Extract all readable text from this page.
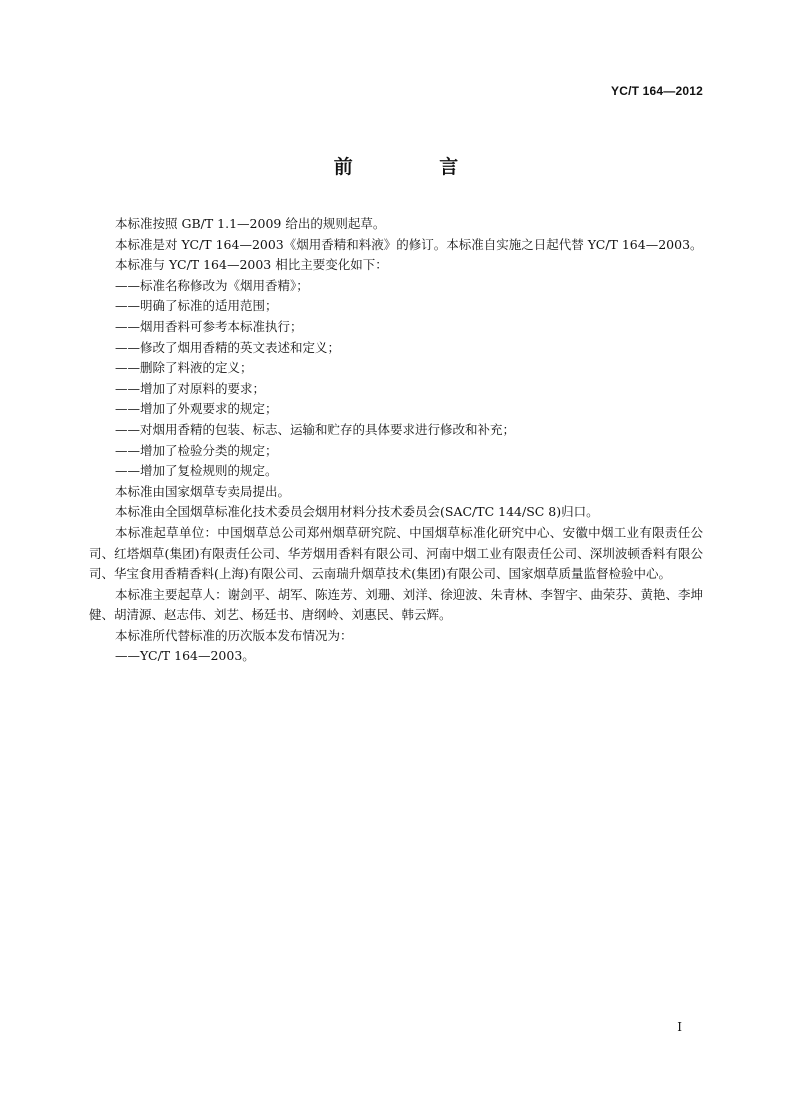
YC/T 164—2012
前 言

本标准按照 GB/T 1.1—2009 给出的规则起草。

本标准是对 YC/T 164—2003《烟用香精和料液》的修订。本标准自实施之日起代替 YC/T 164—2003。

本标准与 YC/T 164—2003 相比主要变化如下：

——标准名称修改为《烟用香精》；

——明确了标准的适用范围；

——烟用香料可参考本标准执行；

——修改了烟用香精的英文表述和定义；

——删除了料液的定义；

——增加了对原料的要求；

——增加了外观要求的规定；

——对烟用香精的包装、标志、运输和贮存的具体要求进行修改和补充；

——增加了检验分类的规定；

——增加了复检规则的规定。

本标准由国家烟草专卖局提出。

本标准由全国烟草标准化技术委员会烟用材料分技术委员会(SAC/TC 144/SC 8)归口。

本标准起草单位：中国烟草总公司郑州烟草研究院、中国烟草标准化研究中心、安徽中烟工业有限责任公司、红塔烟草(集团)有限责任公司、华芳烟用香料有限公司、河南中烟工业有限责任公司、深圳波顿香料有限公司、华宝食用香精香料(上海)有限公司、云南瑞升烟草技术(集团)有限公司、国家烟草质量监督检验中心。

本标准主要起草人：谢剑平、胡军、陈连芳、刘珊、刘洋、徐迎波、朱青林、李智宇、曲荣芬、黄艳、李坤健、胡清源、赵志伟、刘艺、杨廷书、唐纲岭、刘惠民、韩云辉。

本标准所代替标准的历次版本发布情况为：

——YC/T 164—2003。

I
